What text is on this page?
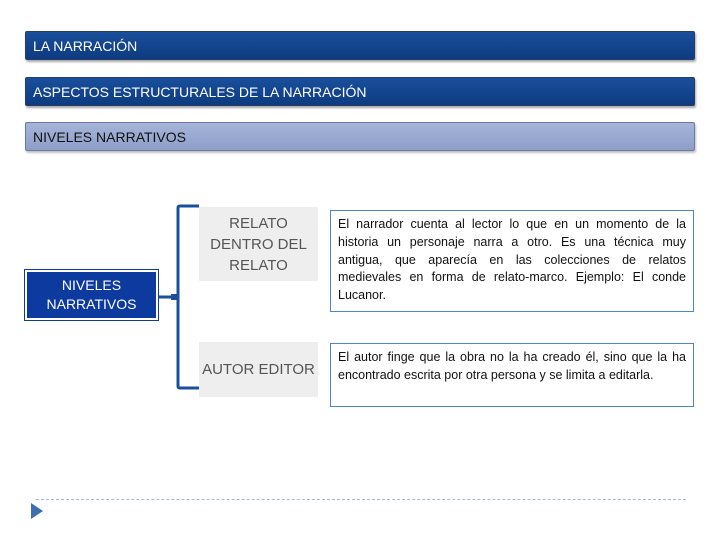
LA NARRACIÓN
ASPECTOS ESTRUCTURALES DE LA NARRACIÓN
NIVELES NARRATIVOS
NIVELES NARRATIVOS
RELATO DENTRO DEL RELATO
El narrador cuenta al lector lo que en un momento de la historia un personaje narra a otro. Es una técnica muy antigua, que aparecía en las colecciones de relatos medievales en forma de relato-marco. Ejemplo: El conde Lucanor.
AUTOR EDITOR
El autor finge que la obra no la ha creado él, sino que la ha encontrado escrita por otra persona y se limita a editarla.
